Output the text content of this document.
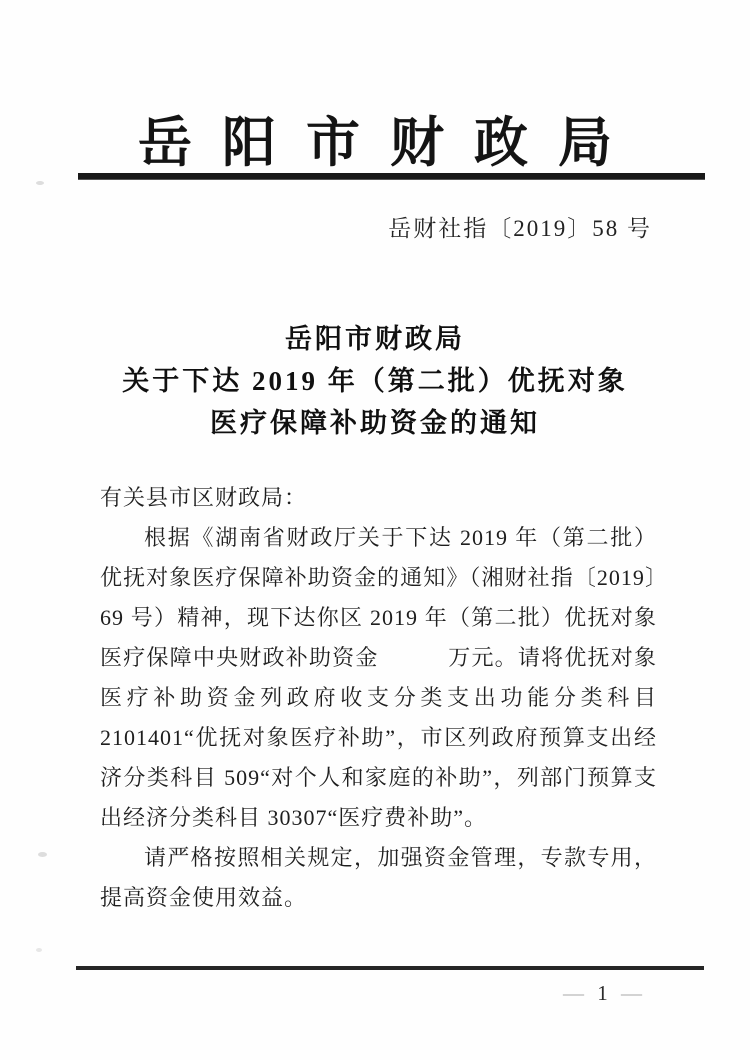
岳阳市财政局
岳财社指〔2019〕58 号
岳阳市财政局
关于下达 2019 年（第二批）优抚对象
医疗保障补助资金的通知

有关县市区财政局：

根据《湖南省财政厅关于下达 2019 年（第二批）优抚对象医疗保障补助资金的通知》（湘财社指〔2019〕69 号）精神，现下达你区 2019 年（第二批）优抚对象医疗保障中央财政补助资金　　　万元。请将优抚对象医疗补助资金列政府收支分类支出功能分类科目 2101401“优抚对象医疗补助”，市区列政府预算支出经济分类科目 509“对个人和家庭的补助”，列部门预算支出经济分类科目 30307“医疗费补助”。

请严格按照相关规定，加强资金管理，专款专用，提高资金使用效益。

— 1 —
